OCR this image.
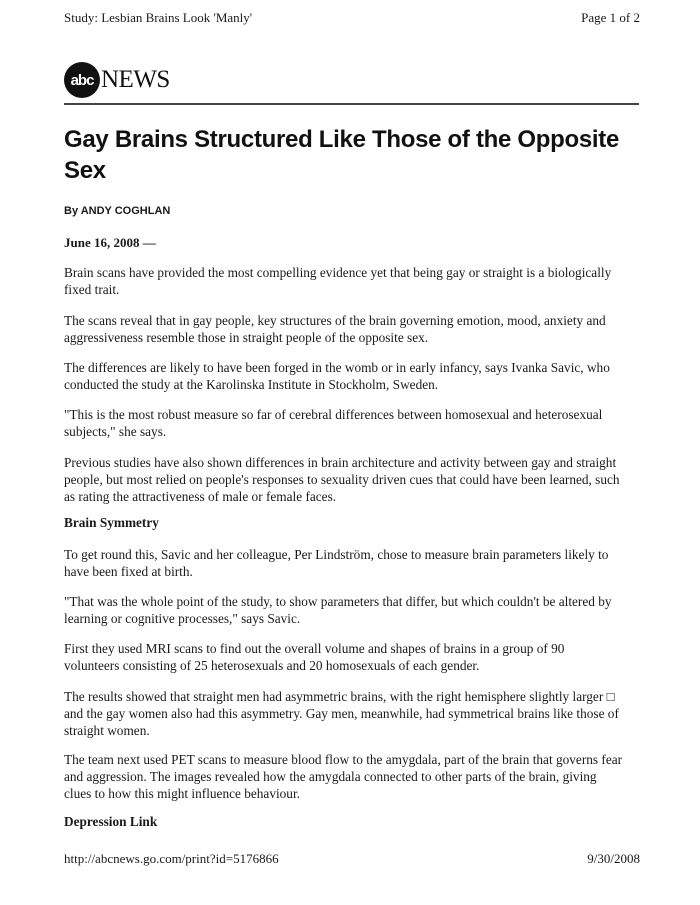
Study: Lesbian Brains Look 'Manly'	Page 1 of 2
abc NEWS
Gay Brains Structured Like Those of the Opposite
Sex
By ANDY COGHLAN
June 16, 2008 —
Brain scans have provided the most compelling evidence yet that being gay or straight is a biologically
fixed trait.
The scans reveal that in gay people, key structures of the brain governing emotion, mood, anxiety and
aggressiveness resemble those in straight people of the opposite sex.
The differences are likely to have been forged in the womb or in early infancy, says Ivanka Savic, who
conducted the study at the Karolinska Institute in Stockholm, Sweden.
"This is the most robust measure so far of cerebral differences between homosexual and heterosexual
subjects," she says.
Previous studies have also shown differences in brain architecture and activity between gay and straight
people, but most relied on people's responses to sexuality driven cues that could have been learned, such
as rating the attractiveness of male or female faces.
Brain Symmetry
To get round this, Savic and her colleague, Per Lindström, chose to measure brain parameters likely to
have been fixed at birth.
"That was the whole point of the study, to show parameters that differ, but which couldn't be altered by
learning or cognitive processes," says Savic.
First they used MRI scans to find out the overall volume and shapes of brains in a group of 90
volunteers consisting of 25 heterosexuals and 20 homosexuals of each gender.
The results showed that straight men had asymmetric brains, with the right hemisphere slightly larger □
and the gay women also had this asymmetry. Gay men, meanwhile, had symmetrical brains like those of
straight women.
The team next used PET scans to measure blood flow to the amygdala, part of the brain that governs fear
and aggression. The images revealed how the amygdala connected to other parts of the brain, giving
clues to how this might influence behaviour.
Depression Link
http://abcnews.go.com/print?id=5176866	9/30/2008
